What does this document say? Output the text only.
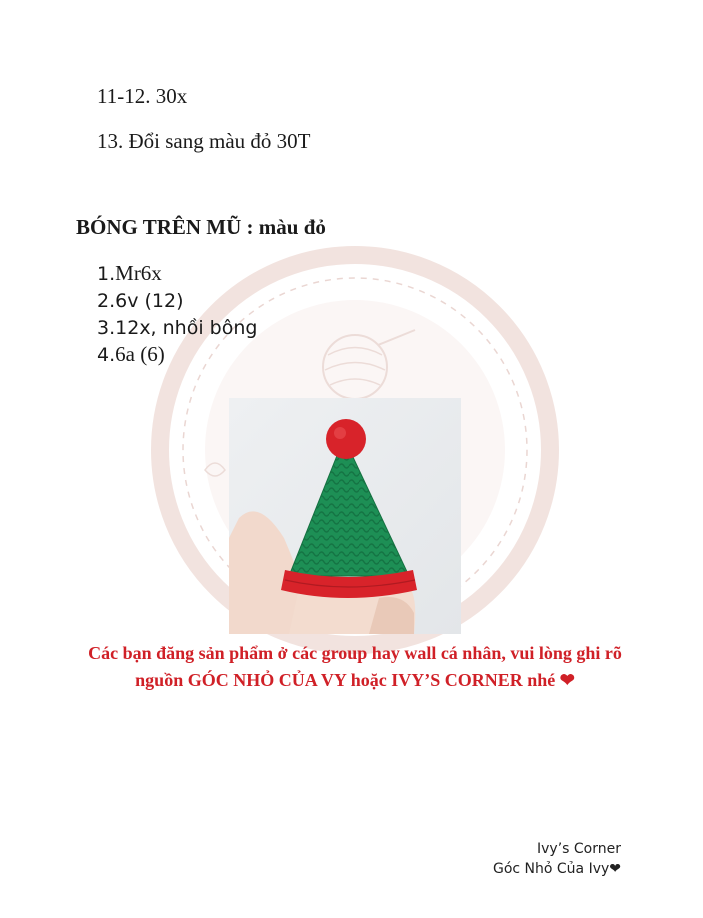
11-12. 30x
13. Đổi sang màu đỏ 30T
BÓNG TRÊN MŨ : màu đỏ
1.Mr6x
2.6v (12)
3.12x, nhồi bông
4.6a (6)
Các bạn đăng sản phẩm ở các group hay wall cá nhân, vui lòng ghi rõ nguồn GÓC NHỎ CỦA VY hoặc IVY’S CORNER nhé ❤
Ivy’s Corner
Góc Nhỏ Của Ivy❤
